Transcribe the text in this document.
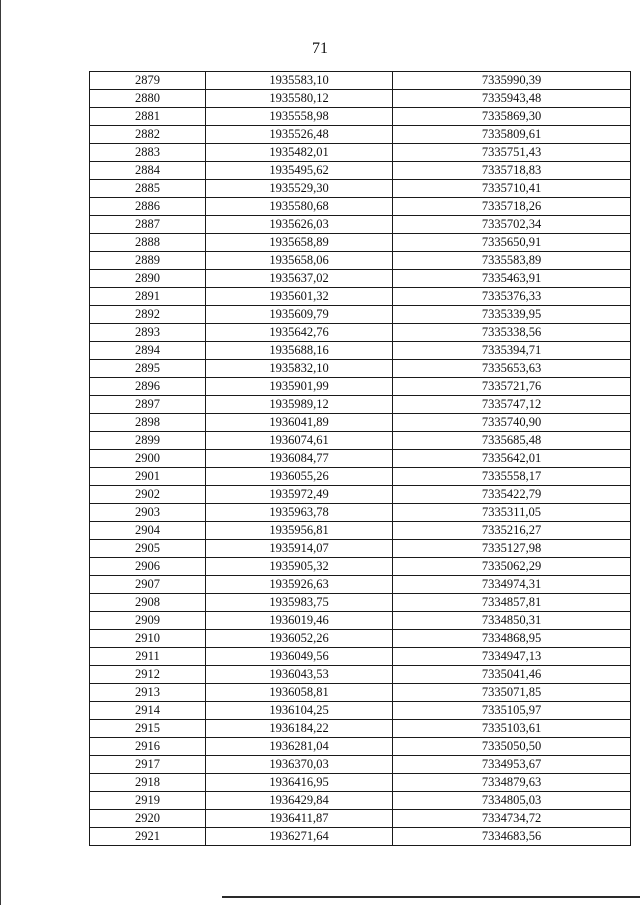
71
2879	1935583,10	7335990,39
2880	1935580,12	7335943,48
2881	1935558,98	7335869,30
2882	1935526,48	7335809,61
2883	1935482,01	7335751,43
2884	1935495,62	7335718,83
2885	1935529,30	7335710,41
2886	1935580,68	7335718,26
2887	1935626,03	7335702,34
2888	1935658,89	7335650,91
2889	1935658,06	7335583,89
2890	1935637,02	7335463,91
2891	1935601,32	7335376,33
2892	1935609,79	7335339,95
2893	1935642,76	7335338,56
2894	1935688,16	7335394,71
2895	1935832,10	7335653,63
2896	1935901,99	7335721,76
2897	1935989,12	7335747,12
2898	1936041,89	7335740,90
2899	1936074,61	7335685,48
2900	1936084,77	7335642,01
2901	1936055,26	7335558,17
2902	1935972,49	7335422,79
2903	1935963,78	7335311,05
2904	1935956,81	7335216,27
2905	1935914,07	7335127,98
2906	1935905,32	7335062,29
2907	1935926,63	7334974,31
2908	1935983,75	7334857,81
2909	1936019,46	7334850,31
2910	1936052,26	7334868,95
2911	1936049,56	7334947,13
2912	1936043,53	7335041,46
2913	1936058,81	7335071,85
2914	1936104,25	7335105,97
2915	1936184,22	7335103,61
2916	1936281,04	7335050,50
2917	1936370,03	7334953,67
2918	1936416,95	7334879,63
2919	1936429,84	7334805,03
2920	1936411,87	7334734,72
2921	1936271,64	7334683,56
